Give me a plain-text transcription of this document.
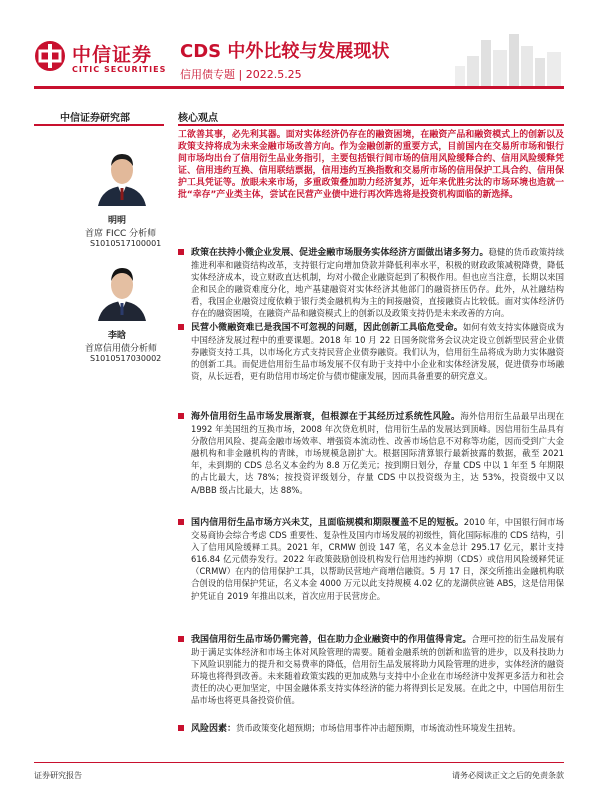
中信证券
CITIC SECURITIES
CDS 中外比较与发展现状
信用债专题 | 2022.5.25
中信证券研究部
明明
首席 FICC 分析师
S1010517100001
李晗
首席信用债分析师
S1010517030002
核心观点
工欲善其事，必先利其器。面对实体经济仍存在的融资困境，在融资产品和融资模式上的创新以及政策支持将成为未来金融市场改善方向。作为金融创新的重要方式，目前国内在交易所市场和银行间市场均出台了信用衍生品业务指引，主要包括银行间市场的信用风险缓释合约、信用风险缓释凭证、信用违约互换、信用联结票据，信用违约互换指数和交易所市场的信用保护工具合约、信用保护工具凭证等。放眼未来市场，多重政策叠加助力经济复苏，近年来优胜劣汰的市场环境也造就一批“幸存”产业类主体，尝试在民营产业债中进行再次阵选将是投资机构面临的新选择。
政策在扶持小微企业发展、促进金融市场服务实体经济方面做出诸多努力。稳健的货币政策持续推进利率和融资结构改革，支持银行定向增加贷款并降低利率水平，积极的财政政策减税降费，降低实体经济成本，设立财政直达机制，均对小微企业融资起到了积极作用。但也应当注意，长期以来国企和民企的融资难度分化，地产基建融资对实体经济其他部门的融资挤压仍存。此外，从社融结构看，我国企业融资过度依赖于银行类金融机构为主的间接融资，直接融资占比较低。面对实体经济仍存在的融资困境，在融资产品和融资模式上的创新以及政策支持仍是未来改善的方向。
民营小微融资难已是我国不可忽视的问题，因此创新工具临危受命。如何有效支持实体融资成为中国经济发展过程中的重要课题。2018 年 10 月 22 日国务院常务会议决定设立创新型民营企业债券融资支持工具，以市场化方式支持民营企业债券融资。我们认为，信用衍生品将成为助力实体融资的创新工具。而促进信用衍生品市场发展不仅有助于支持中小企业和实体经济发展，促进债券市场融资，从长远看，更有助信用市场定价与债市健康发展，因而具备重要的研究意义。
海外信用衍生品市场发展渐衰，但根源在于其经历过系统性风险。海外信用衍生品最早出现在 1992 年美国纽约互换市场，2008 年次贷危机时，信用衍生品的发展达到顶峰。因信用衍生品具有分散信用风险、提高金融市场效率、增强资本流动性、改善市场信息不对称等功能，因而受到广大金融机构和非金融机构的青睐，市场规模急剧扩大。根据国际清算银行最新披露的数据，截至 2021 年，未到期的 CDS 总名义本金约为 8.8 万亿美元；按到期日划分，存量 CDS 中以 1 年至 5 年期限的占比最大，达 78%；按投资评级划分，存量 CDS 中以投资级为主，达 53%，投资级中又以 A/BBB 级占比最大，达 88%。
国内信用衍生品市场方兴未艾，且面临规模和期限覆盖不足的短板。2010 年，中国银行间市场交易商协会综合考虑 CDS 重要性、复杂性及国内市场发展的初级性，简化国际标准的 CDS 结构，引入了信用风险缓释工具。2021 年，CRMW 创设 147 笔，名义本金总计 295.17 亿元，累计支持 616.84 亿元债券发行。2022 年政策鼓励创设机构发行信用违约掉期（CDS）或信用风险缓释凭证（CRMW）在内的信用保护工具，以帮助民营地产商增信融资。5 月 17 日，深交所推出金融机构联合创设的信用保护凭证，名义本金 4000 万元以此支持规模 4.02 亿的龙湖供应链 ABS，这是信用保护凭证自 2019 年推出以来，首次应用于民营房企。
我国信用衍生品市场仍需完善，但在助力企业融资中的作用值得肯定。合理可控的衍生品发展有助于满足实体经济和市场主体对风险管理的需要。随着金融系统的创新和监管的进步，以及科技助力下风险识别能力的提升和交易费率的降低，信用衍生品发展将助力风险管理的进步，实体经济的融资环境也将得到改善。未来随着政策实践的更加成熟与支持中小企业在市场经济中发挥更多活力和社会责任的决心更加坚定，中国金融体系支持实体经济的能力将得到长足发展。在此之中，中国信用衍生品市场也将更具备投资价值。
风险因素：货币政策变化超预期；市场信用事件冲击超预期，市场流动性环境发生扭转。
证券研究报告	请务必阅读正文之后的免责条款
